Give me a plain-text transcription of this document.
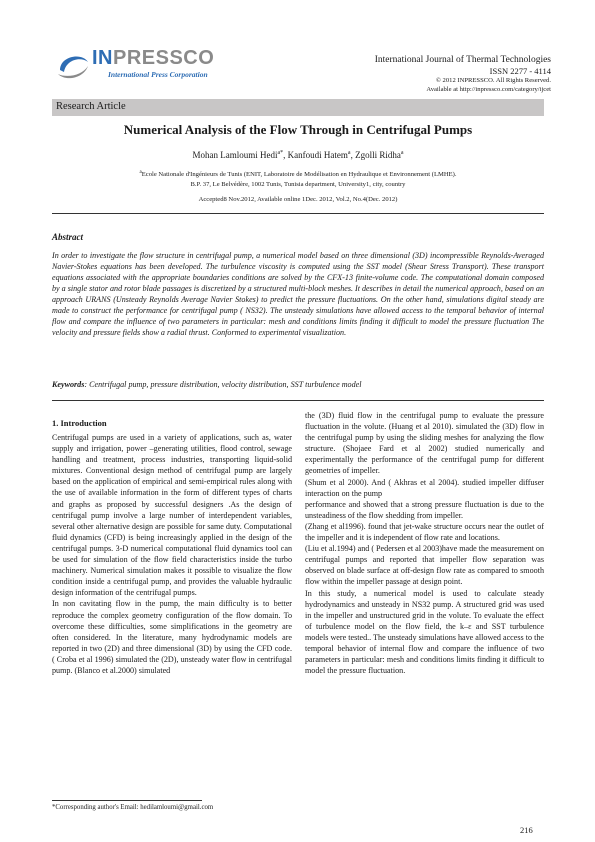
INPRESSCO
International Press Corporation
International Journal of Thermal Technologies
ISSN 2277 - 4114
© 2012 INPRESSCO. All Rights Reserved.
Available at http://inpressco.com/category/ijcet
Research Article
Numerical Analysis of the Flow Through in Centrifugal Pumps
Mohan Lamloumi Hedi$^{a*}$, Kanfoudi Hatem$^a$, Zgolli Ridha$^a$
$^a$Ecole Nationale d'Ingénieurs de Tunis (ENIT, Laboratoire de Modélisation en Hydraulique et Environnement (LMHE).
B.P. 37, Le Belvédère, 1002 Tunis, Tunisia department, University1, city, country
Accepted8 Nov.2012, Available online 1Dec. 2012, Vol.2, No.4(Dec. 2012)
Abstract
In order to investigate the flow structure in centrifugal pump, a numerical model based on three dimensional (3D) incompressible Reynolds-Averaged Navier-Stokes equations has been developed. The turbulence viscosity is computed using the SST model (Shear Stress Transport). These transport equations associated with the appropriate boundaries conditions are solved by the CFX-13 finite-volume code. The computational domain composed by a single stator and rotor blade passages is discretized by a structured multi-block meshes. It describes in detail the numerical approach, based on an approach URANS (Unsteady Reynolds Average Navier Stokes) to predict the pressure fluctuations. On the other hand, simulations digital steady are made to construct the performance for centrifugal pump ( NS32). The unsteady simulations have allowed access to the temporal behavior of internal flow and compare the influence of two parameters in particular: mesh and conditions limits finding it difficult to model the pressure fluctuation The velocity and pressure fields show a radial thrust. Conformed to experimental visualization.
Keywords: Centrifugal pump, pressure distribution, velocity distribution, SST turbulence model
1. Introduction

Centrifugal pumps are used in a variety of applications, such as, water supply and irrigation, power –generating utilities, flood control, sewage handling and treatment, process industries, transporting liquid-solid mixtures. Conventional design method of centrifugal pump are largely based on the application of empirical and semi-empirical rules along with the use of available information in the form of different types of charts and graphs as proposed by successful designers .As the design of centrifugal pump involve a large number of interdependent variables, several other alternative design are possible for same duty. Computational fluid dynamics (CFD) is being increasingly applied in the design of the centrifugal pumps. 3-D numerical computational fluid dynamics tool can be used for simulation of the flow field characteristics inside the turbo machinery. Numerical simulation makes it possible to visualize the flow condition inside a centrifugal pump, and provides the valuable hydraulic design information of the centrifugal pumps.

In non cavitating flow in the pump, the main difficulty is to better reproduce the complex geometry configuration of the flow domain. To overcome these difficulties, some simplifications in the geometry are often considered. In the literature, many hydrodynamic models are reported in two (2D) and three dimensional (3D) by using the CFD code. ( Croba et al 1996) simulated the (2D), unsteady water flow in centrifugal pump. (Blanco et al.2000) simulated

the (3D) fluid flow in the centrifugal pump to evaluate the pressure fluctuation in the volute. (Huang et al 2010). simulated the (3D) flow in the centrifugal pump by using the sliding meshes for analyzing the flow structure. (Shojaee Fard et al 2002) studied numerically and experimentally the performance of the centrifugal pump for different geometries of impeller.

(Shum et al 2000). And ( Akhras et al 2004). studied impeller diffuser interaction on the pump

performance and showed that a strong pressure fluctuation is due to the unsteadiness of the flow shedding from impeller.

(Zhang et al1996). found that jet-wake structure occurs near the outlet of the impeller and it is independent of flow rate and locations.

(Liu et al.1994) and ( Pedersen et al 2003)have made the measurement on centrifugal pumps and reported that impeller flow separation was observed on blade surface at off-design flow rate as compared to smooth flow within the impeller passage at design point.

In this study, a numerical model is used to calculate steady hydrodynamics and unsteady in NS32 pump. A structured grid was used in the impeller and unstructured grid in the volute. To evaluate the effect of turbulence model on the flow field, the k–ε and SST turbulence models were tested.. The unsteady simulations have allowed access to the temporal behavior of internal flow and compare the influence of two parameters in particular: mesh and conditions limits finding it difficult to model the pressure fluctuation.

*Corresponding author's Email: hedilamloumi@gmail.com
216
